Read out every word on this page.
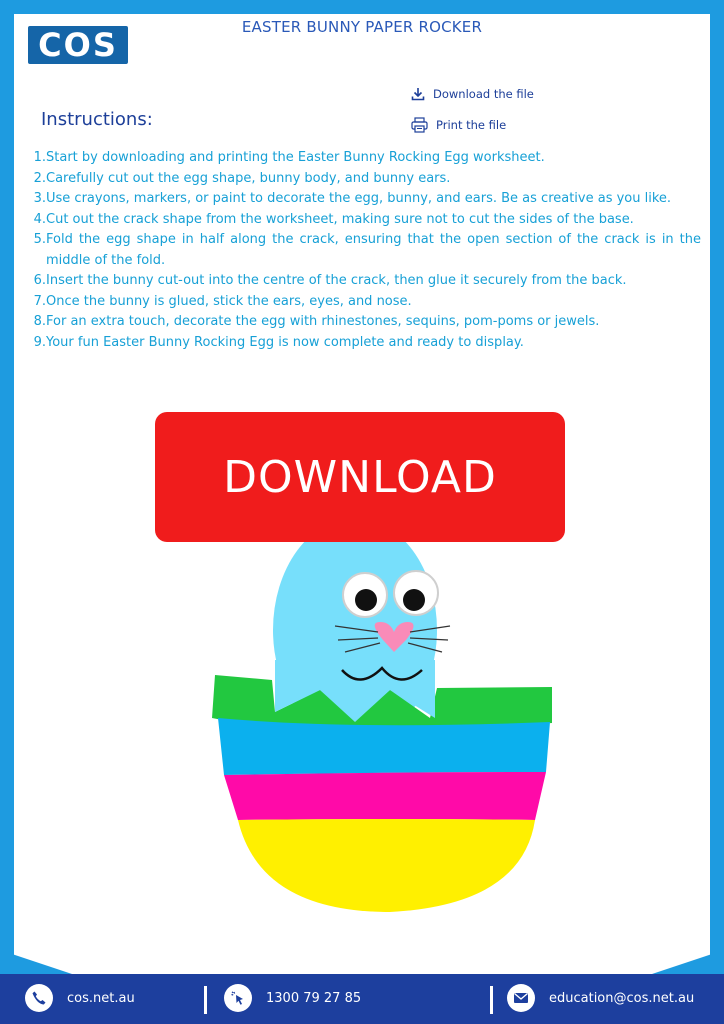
COS	EASTER BUNNY PAPER ROCKER
Download the file
Print the file
Instructions:
1. Start by downloading and printing the Easter Bunny Rocking Egg worksheet.
2. Carefully cut out the egg shape, bunny body, and bunny ears.
3. Use crayons, markers, or paint to decorate the egg, bunny, and ears. Be as creative as you like.
4. Cut out the crack shape from the worksheet, making sure not to cut the sides of the base.
5. Fold the egg shape in half along the crack, ensuring that the open section of the crack is in the middle of the fold.
6. Insert the bunny cut-out into the centre of the crack, then glue it securely from the back.
7. Once the bunny is glued, stick the ears, eyes, and nose.
8. For an extra touch, decorate the egg with rhinestones, sequins, pom-poms or jewels.
9. Your fun Easter Bunny Rocking Egg is now complete and ready to display.
DOWNLOAD
cos.net.au	1300 79 27 85	education@cos.net.au
